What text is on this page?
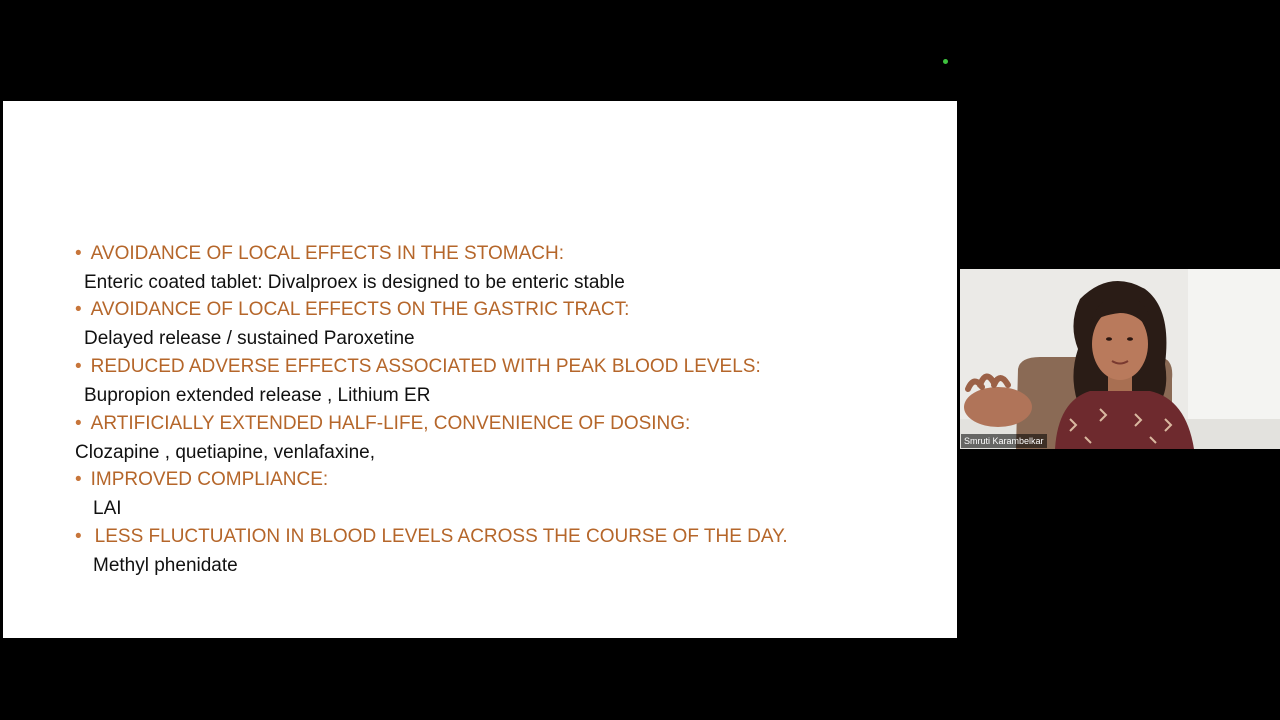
• AVOIDANCE OF LOCAL EFFECTS IN THE STOMACH:
Enteric coated tablet: Divalproex is designed to be enteric stable
• AVOIDANCE OF LOCAL EFFECTS ON THE GASTRIC TRACT:
Delayed release / sustained Paroxetine
• REDUCED ADVERSE EFFECTS ASSOCIATED WITH PEAK BLOOD LEVELS:
Bupropion extended release , Lithium ER
• ARTIFICIALLY EXTENDED HALF-LIFE, CONVENIENCE OF DOSING:
Clozapine , quetiapine, venlafaxine,
• IMPROVED COMPLIANCE:
LAI
• LESS FLUCTUATION IN BLOOD LEVELS ACROSS THE COURSE OF THE DAY.
Methyl phenidate
Smruti Karambelkar
